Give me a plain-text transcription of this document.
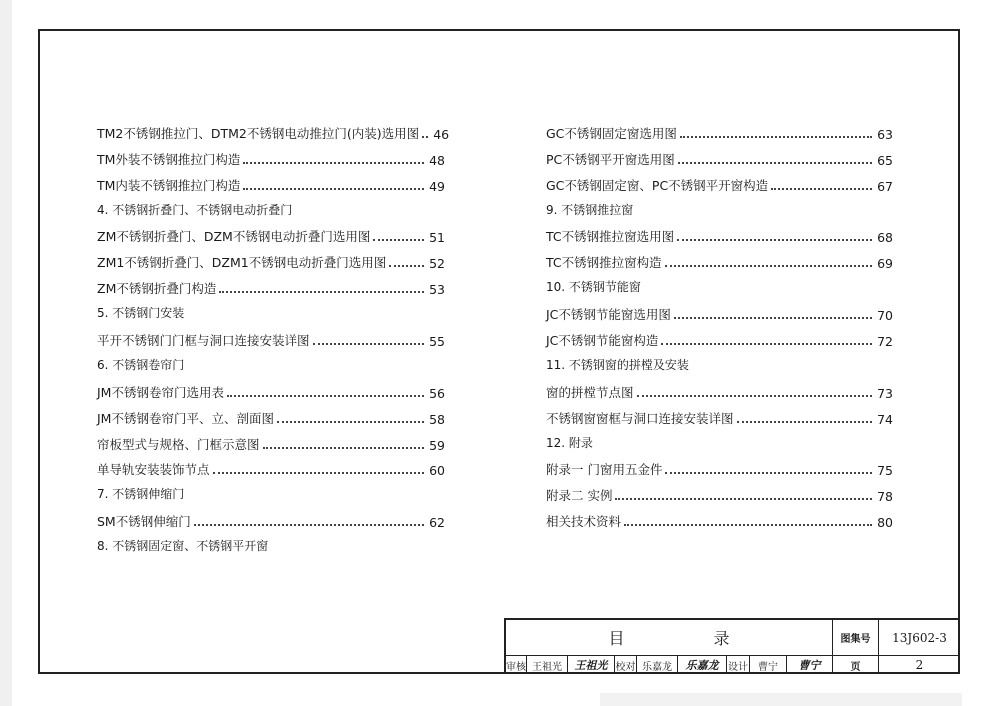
TM2不锈钢推拉门、DTM2不锈钢电动推拉门(内装)选用图 46
TM外装不锈钢推拉门构造	48
TM内装不锈钢推拉门构造	49
4. 不锈钢折叠门、不锈钢电动折叠门
ZM不锈钢折叠门、DZM不锈钢电动折叠门选用图	51
ZM1不锈钢折叠门、DZM1不锈钢电动折叠门选用图	52
ZM不锈钢折叠门构造	53
5. 不锈钢门安装
平开不锈钢门门框与洞口连接安装详图	55
6. 不锈钢卷帘门
JM不锈钢卷帘门选用表	56
JM不锈钢卷帘门平、立、剖面图	58
帘板型式与规格、门框示意图	59
单导轨安装装饰节点	60
7. 不锈钢伸缩门
SM不锈钢伸缩门	62
8. 不锈钢固定窗、不锈钢平开窗
GC不锈钢固定窗选用图	63
PC不锈钢平开窗选用图	65
GC不锈钢固定窗、PC不锈钢平开窗构造	67
9. 不锈钢推拉窗
TC不锈钢推拉窗选用图	68
TC不锈钢推拉窗构造	69
10. 不锈钢节能窗
JC不锈钢节能窗选用图	70
JC不锈钢节能窗构造	72
11. 不锈钢窗的拼樘及安装
窗的拼樘节点图	73
不锈钢窗窗框与洞口连接安装详图	74
12. 附录
附录一 门窗用五金件	75
附录二 实例	78
相关技术资料	80
目 录	图集号	13J602-3
审核 王祖光	王祖光 校对 乐嘉龙	乐嘉龙 设计	曹宁	曹宁	页	2
